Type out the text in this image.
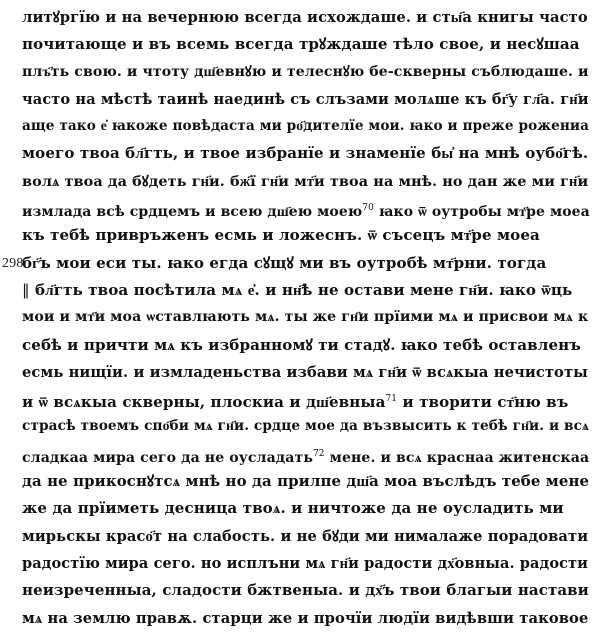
литꙋргїю и на вечернюю всегда исхождаше. и сты҃а книгы часто
почитающе и въ всемь всегда трꙋждаше тѣло свое, и несꙋшаа
плъ҃ть свою. и чтоту дш҃евнꙋю и телеснꙋю бе-скверны съблюдаше. и
часто на мѣстѣ таинѣ наединѣ съ слъзами молѧше къ бг҃у гл҃а. гн҃и
аще тако е҆ ꙗкоже повѣдаста ми ро҃дителїе мои. ꙗко и преже рожениа
моего твоа бл҃гть, и твое избранїе и знаменїе бы҆ на мнѣ оубо҃гѣ.
волѧ твоа да бꙋдеть гн҃и. бж҃ї гн҃и мт҃и твоа на мнѣ. но дан же ми гн҃и
измлада всѣ срдцемъ и всею дш҃ею моею$^{70}$ ꙗко ѿ оутробы мт҃ре моеа
къ тебѣ привръженъ есмь и ложеснъ. ѿ съсецъ мт҃ре моеа
298
бг҃ъ мои еси ты. ꙗко егда сꙋщꙋ ми въ оутробѣ мт҃рни. тогда
‖ бл҃гть твоа посѣтила мѧ е҆. и нн҃ѣ не остави мене гн҃и. ꙗко ѿць
мои и мт҃и моа ѡставлꙗють мѧ. ты же гн҃и прїими мѧ и присвои мѧ к
себѣ и причти мѧ къ избранномꙋ ти стадꙋ. ꙗко тебѣ оставленъ
есмь нищїи. и измладеньства избави мѧ гн҃и ѿ всѧкыа нечистоты
и ѿ всѧкыа скверны, плоскиа и дш҃евныа$^{71}$ и творити ст҃ню въ
страсѣ твоемъ спо҃би мѧ гн҃и. срдце мое да възвысить к тебѣ гн҃и. и всѧ
сладкаа мира сего да не оусладать$^{72}$ мене. и всѧ краснаа житенскаа
да не прикоснꙋтсѧ мнѣ но да прилпе дш҃а моа въслѣдъ тебе мене
же да прїиметь десница твоѧ. и ничтоже да не оусладить ми
мирьскы красо҃т на слабость. и не бꙋди ми нималаже порадовати
радостїю мира сего. но исплъни мѧ гн҃и радости дх҃овныа. радости
неизреченныа, сладости бжтвеныа. и дх҃ъ твои благыи настави
мѧ на землю правѫ. старци же и прочїи людїи видѣвши таковое
